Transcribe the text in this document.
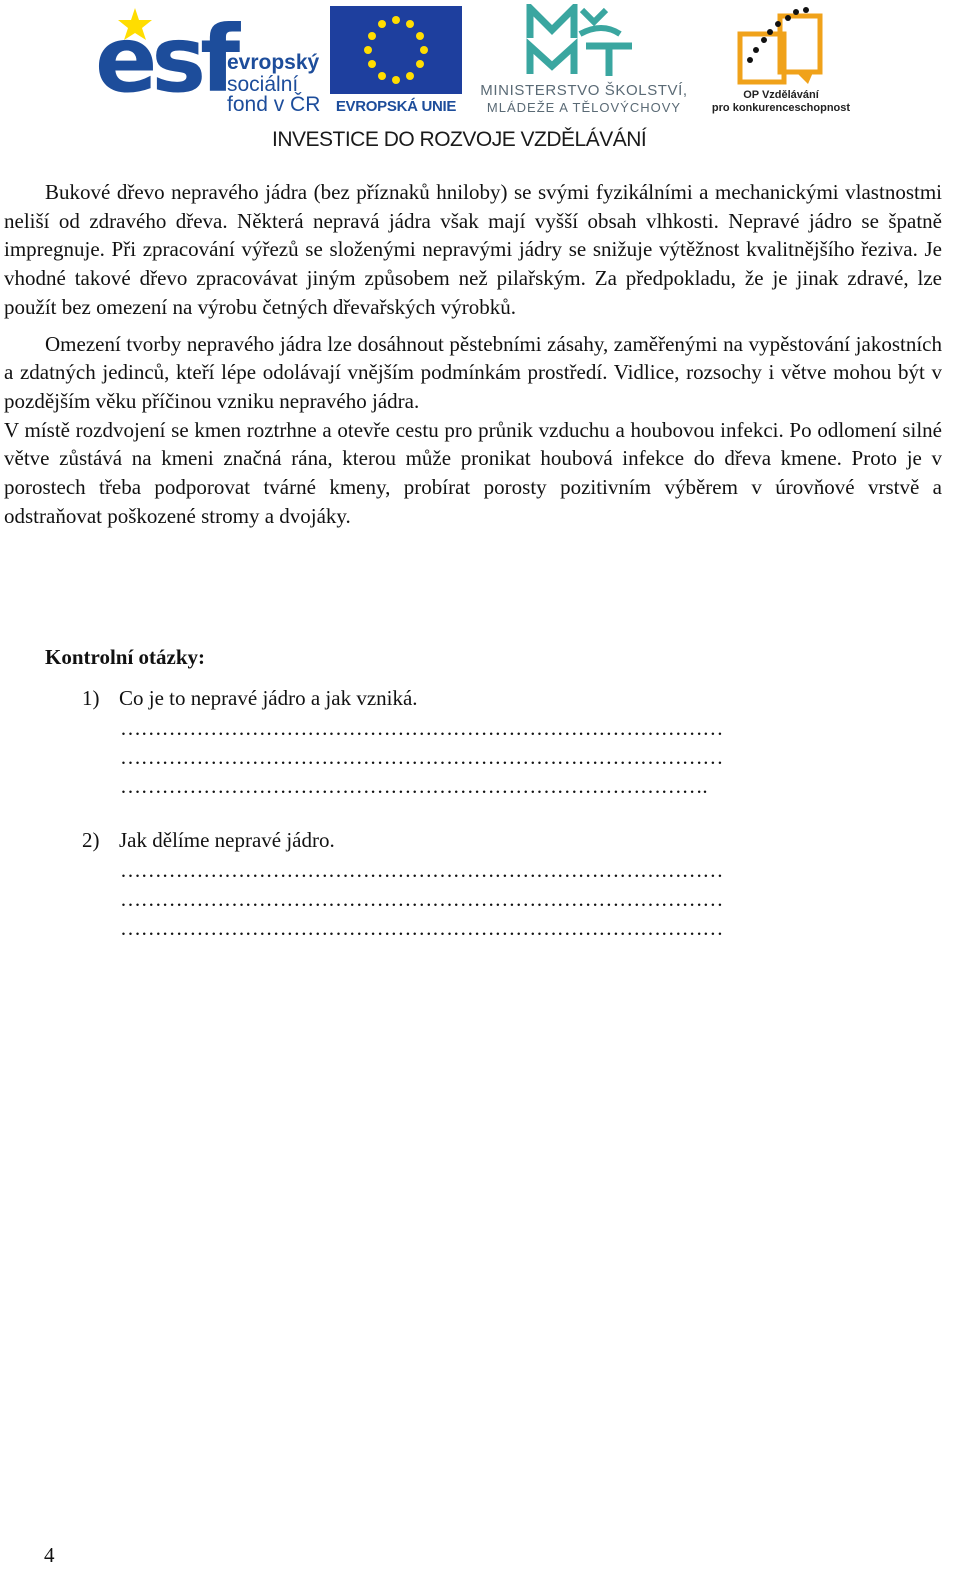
esf
evropský
sociální
fond v ČR	EVROPSKÁ UNIE
MINISTERSTVO ŠKOLSTVÍ,
MLÁDEŽE A TĚLOVÝCHOVY
OP Vzdělávání
pro konkurenceschopnost
INVESTICE DO ROZVOJE VZDĚLÁVÁNÍ

Bukové dřevo nepravého jádra (bez příznaků hniloby) se svými fyzikálními a mechanickými vlastnostmi neliší od zdravého dřeva. Některá nepravá jádra však mají vyšší obsah vlhkosti. Nepravé jádro se špatně impregnuje. Při zpracování výřezů se složenými nepravými jádry se snižuje výtěžnost kvalitnějšího řeziva. Je vhodné takové dřevo zpracovávat jiným způsobem než pilařským. Za předpokladu, že je jinak zdravé, lze použít bez omezení na výrobu četných dřevařských výrobků.

Omezení tvorby nepravého jádra lze dosáhnout pěstebními zásahy, zaměřenými na vypěstování jakostních a zdatných jedinců, kteří lépe odolávají vnějším podmínkám prostředí. Vidlice, rozsochy i větve mohou být v pozdějším věku příčinou vzniku nepravého jádra.

V místě rozdvojení se kmen roztrhne a otevře cestu pro průnik vzduchu a houbovou infekci. Po odlomení silné větve zůstává na kmeni značná rána, kterou může pronikat houbová infekce do dřeva kmene. Proto je v porostech třeba podporovat tvárné kmeny, probírat porosty pozitivním výběrem v úrovňové vrstvě a odstraňovat poškozené stromy a dvojáky.

Kontrolní otázky:
1) Co je to nepravé jádro a jak vzniká.
……………………………………………………………………………
……………………………………………………………………………
………………………………………………………………………….
2) Jak dělíme nepravé jádro.
……………………………………………………………………………
……………………………………………………………………………
……………………………………………………………………………
4
